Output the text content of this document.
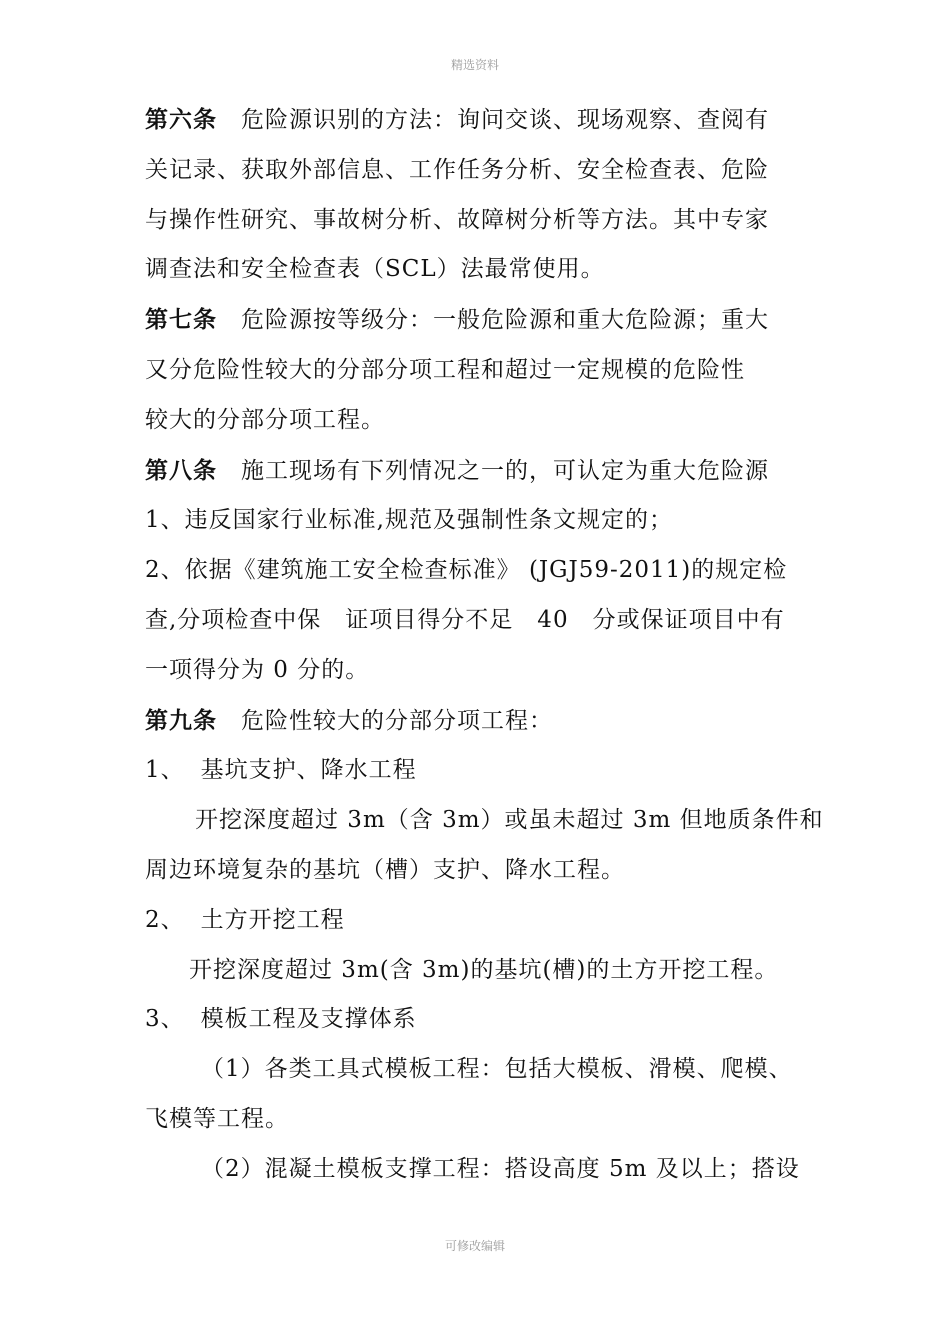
精选资料

第六条 危险源识别的方法：询问交谈、现场观察、查阅有

关记录、获取外部信息、工作任务分析、安全检查表、危险

与操作性研究、事故树分析、故障树分析等方法。其中专家

调查法和安全检查表（SCL）法最常使用。

第七条 危险源按等级分：一般危险源和重大危险源；重大

又分危险性较大的分部分项工程和超过一定规模的危险性

较大的分部分项工程。

第八条 施工现场有下列情况之一的，可认定为重大危险源

1、违反国家行业标准,规范及强制性条文规定的；

2、依据《建筑施工安全检查标准》 (JGJ59-2011)的规定检

查,分项检查中保　证项目得分不足　40　分或保证项目中有

一项得分为 0 分的。

第九条 危险性较大的分部分项工程：

1、 基坑支护、降水工程

开挖深度超过 3m（含 3m）或虽未超过 3m 但地质条件和

周边环境复杂的基坑（槽）支护、降水工程。

2、 土方开挖工程

开挖深度超过 3m(含 3m)的基坑(槽)的土方开挖工程。

3、 模板工程及支撑体系

（1）各类工具式模板工程：包括大模板、滑模、爬模、

飞模等工程。

（2）混凝土模板支撑工程：搭设高度 5m 及以上；搭设

可修改编辑
